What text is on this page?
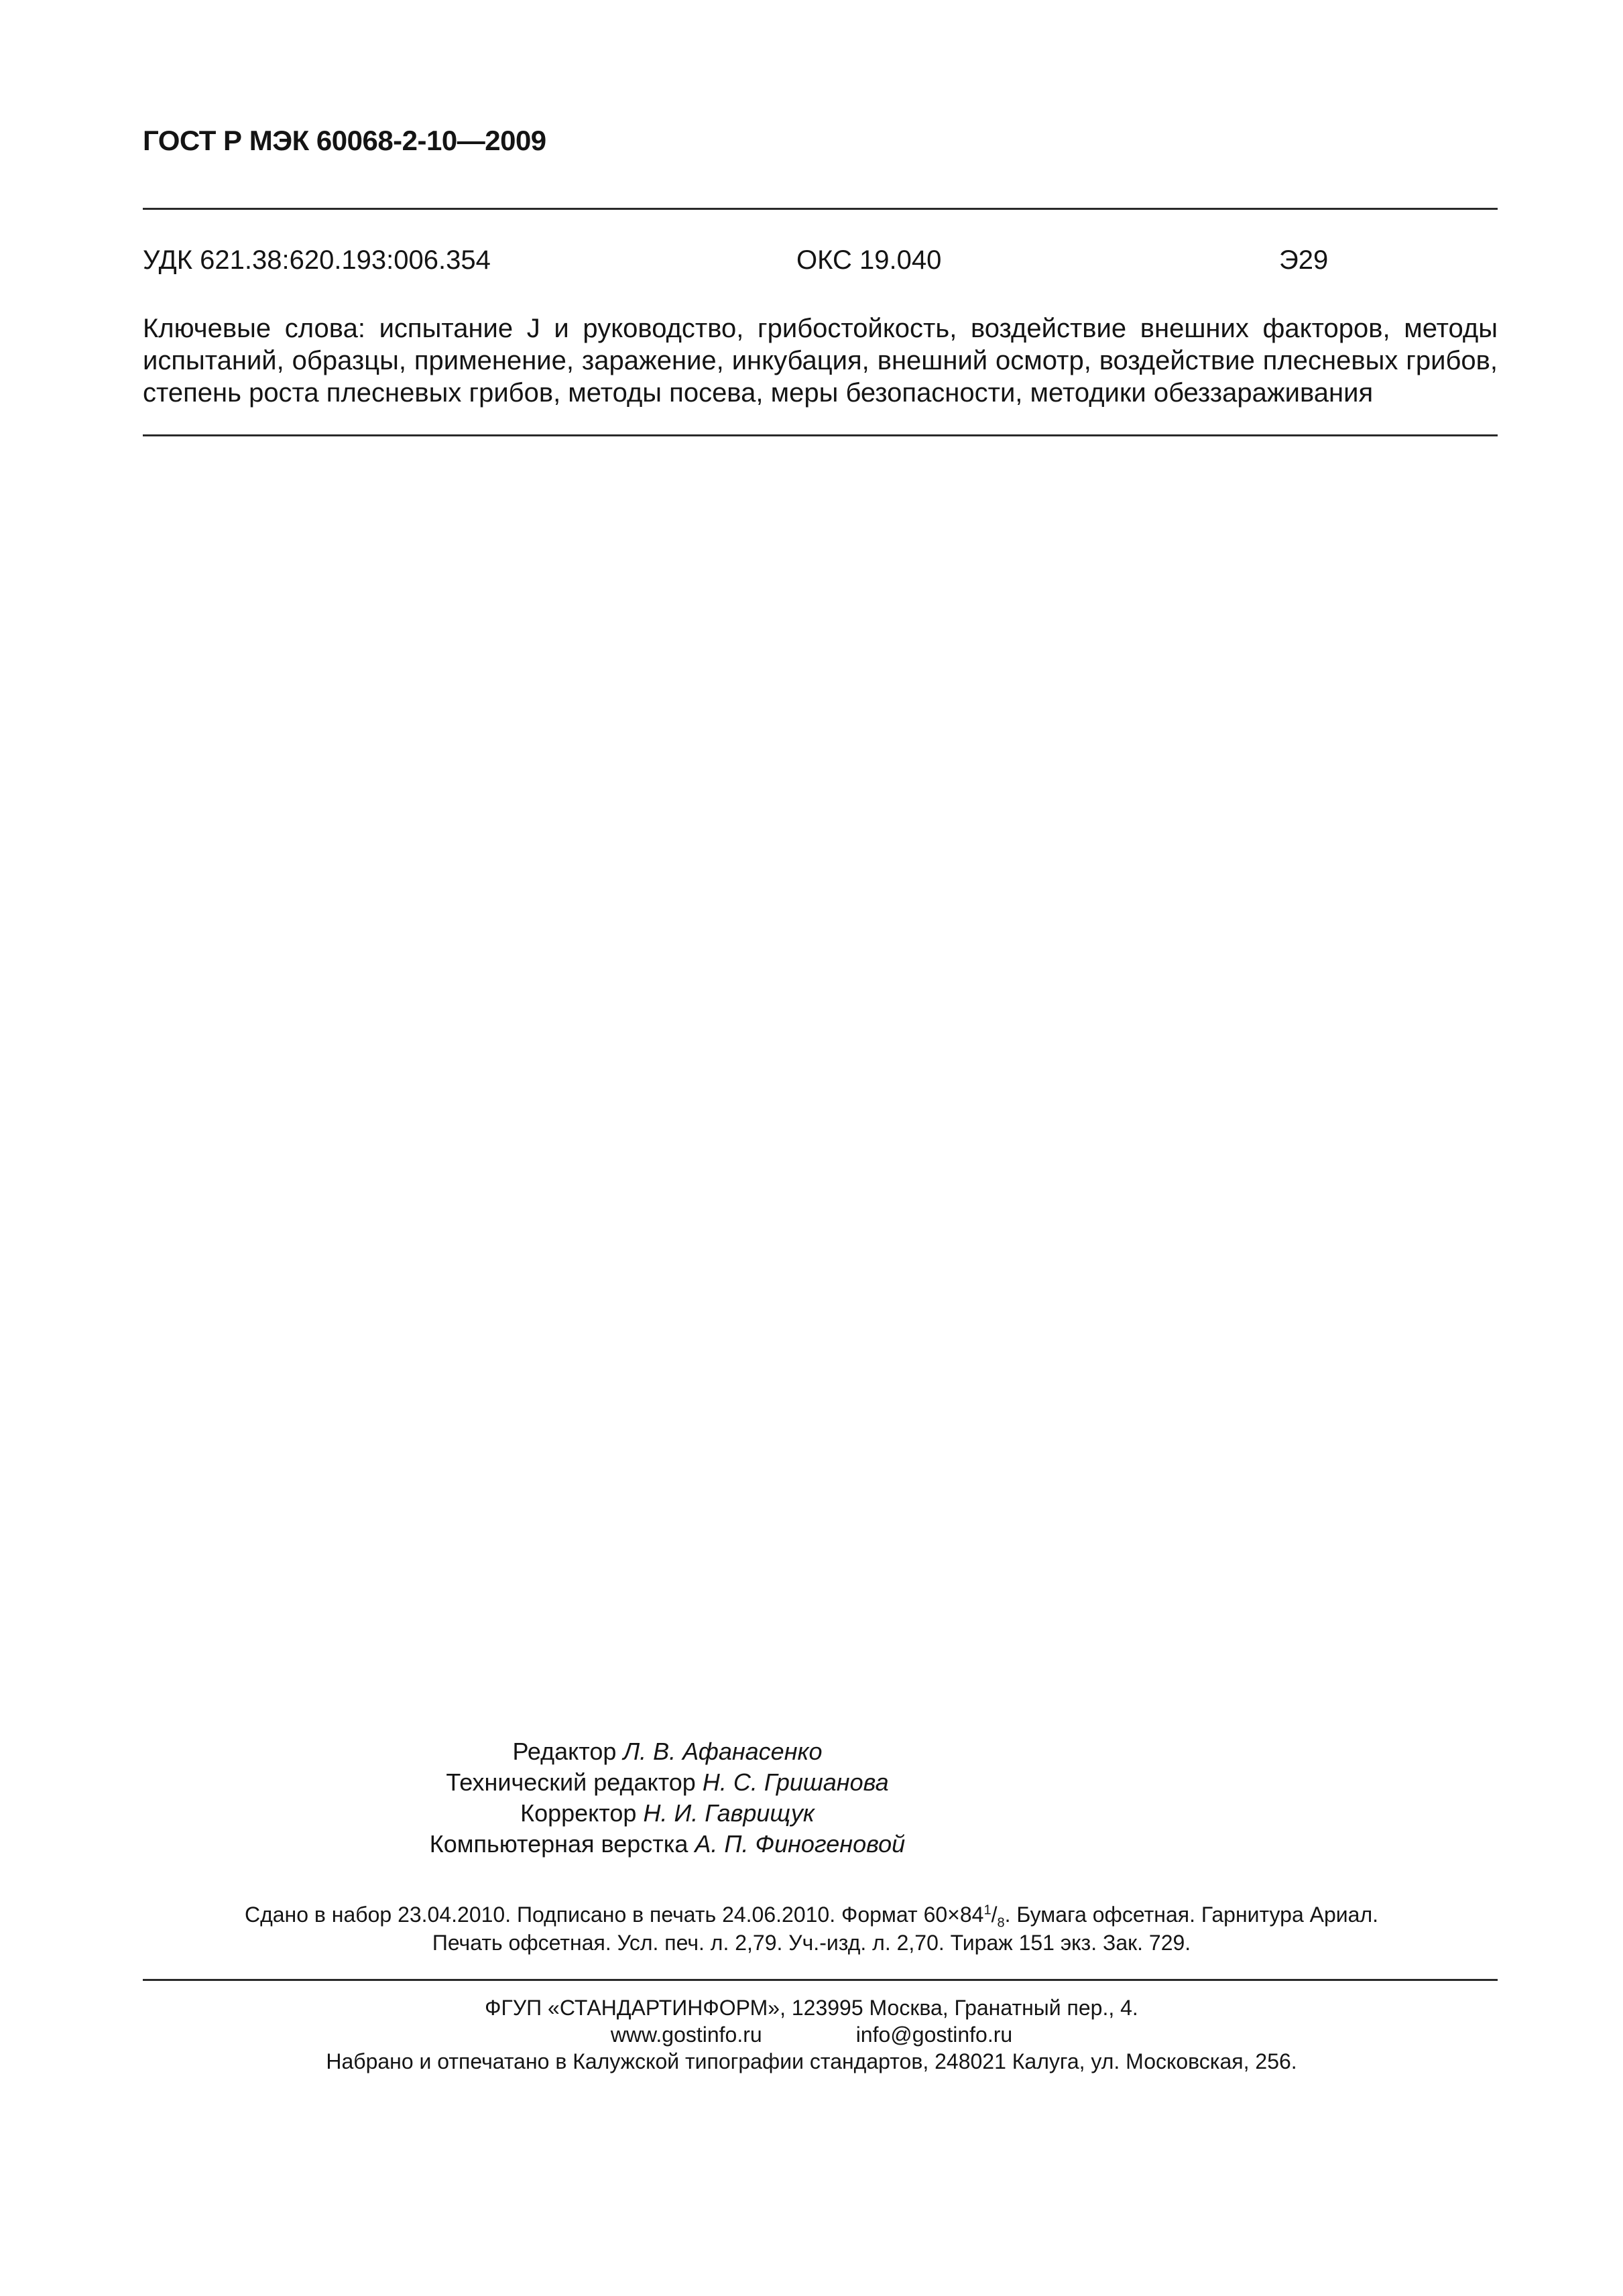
ГОСТ Р МЭК 60068-2-10—2009
УДК 621.38:620.193:006.354	ОКС 19.040	Э29

Ключевые слова: испытание J и руководство, грибостойкость, воздействие внешних факторов, методы
испытаний, образцы, применение, заражение, инкубация, внешний осмотр, воздействие плесневых грибов,
степень роста плесневых грибов, методы посева, меры безопасности, методики обеззараживания

Редактор Л. В. Афанасенко
Технический редактор Н. С. Гришанова
Корректор Н. И. Гаврищук
Компьютерная верстка А. П. Финогеновой
Сдано в набор 23.04.2010. Подписано в печать 24.06.2010. Формат $60\times 84^1/_8$. Бумага офсетная. Гарнитура Ариал.
Печать офсетная. Усл. печ. л. 2,79. Уч.-изд. л. 2,70. Тираж 151 экз. Зак. 729.
ФГУП «СТАНДАРТИНФОРМ», 123995 Москва, Гранатный пер., 4.
www.gostinfo.ru	info@gostinfo.ru
Набрано и отпечатано в Калужской типографии стандартов, 248021 Калуга, ул. Московская, 256.
